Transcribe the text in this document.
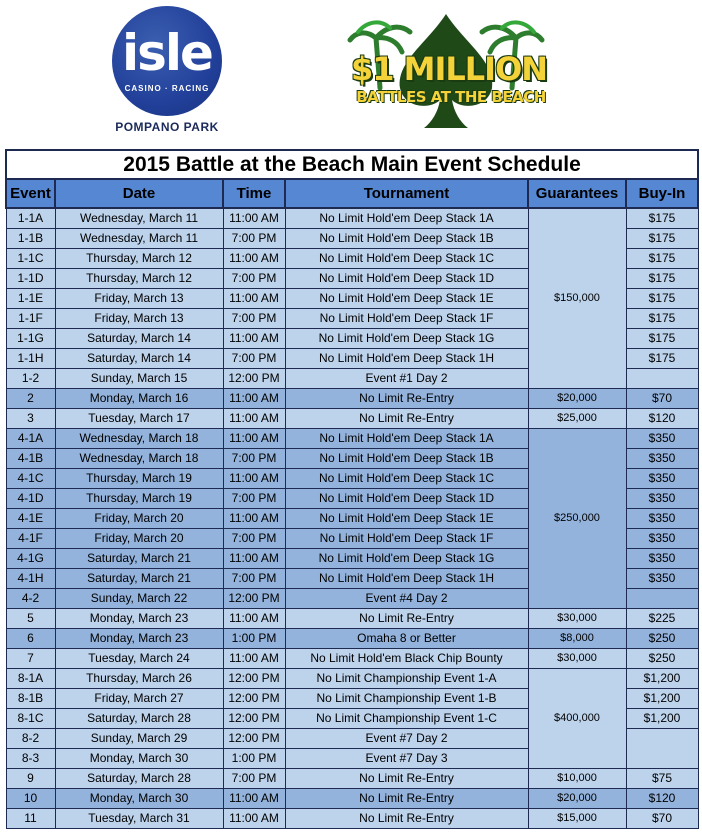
isle
CASINO · RACING
POMPANO PARK
$1 MILLION
BATTLES AT THE BEACH
2015 Battle at the Beach Main Event Schedule					
Event	Date	Time	Tournament	Guarantees	Buy-In
1-1A	Wednesday, March 11	11:00 AM	No Limit Hold'em Deep Stack 1A	$150,000	$175
1-1B	Wednesday, March 11	7:00 PM	No Limit Hold'em Deep Stack 1B		$175
1-1C	Thursday, March 12	11:00 AM	No Limit Hold'em Deep Stack 1C		$175
1-1D	Thursday, March 12	7:00 PM	No Limit Hold'em Deep Stack 1D		$175
1-1E	Friday, March 13	11:00 AM	No Limit Hold'em Deep Stack 1E		$175
1-1F	Friday, March 13	7:00 PM	No Limit Hold'em Deep Stack 1F		$175
1-1G	Saturday, March 14	11:00 AM	No Limit Hold'em Deep Stack 1G		$175
1-1H	Saturday, March 14	7:00 PM	No Limit Hold'em Deep Stack 1H		$175
1-2	Sunday, March 15	12:00 PM	Event #1 Day 2		
2	Monday, March 16	11:00 AM	No Limit Re-Entry	$20,000	$70
3	Tuesday, March 17	11:00 AM	No Limit Re-Entry	$25,000	$120
4-1A	Wednesday, March 18	11:00 AM	No Limit Hold'em Deep Stack 1A	$250,000	$350
4-1B	Wednesday, March 18	7:00 PM	No Limit Hold'em Deep Stack 1B		$350
4-1C	Thursday, March 19	11:00 AM	No Limit Hold'em Deep Stack 1C		$350
4-1D	Thursday, March 19	7:00 PM	No Limit Hold'em Deep Stack 1D		$350
4-1E	Friday, March 20	11:00 AM	No Limit Hold'em Deep Stack 1E		$350
4-1F	Friday, March 20	7:00 PM	No Limit Hold'em Deep Stack 1F		$350
4-1G	Saturday, March 21	11:00 AM	No Limit Hold'em Deep Stack 1G		$350
4-1H	Saturday, March 21	7:00 PM	No Limit Hold'em Deep Stack 1H		$350
4-2	Sunday, March 22	12:00 PM	Event #4 Day 2		
5	Monday, March 23	11:00 AM	No Limit Re-Entry	$30,000	$225
6	Monday, March 23	1:00 PM	Omaha 8 or Better	$8,000	$250
7	Tuesday, March 24	11:00 AM	No Limit Hold'em Black Chip Bounty	$30,000	$250
8-1A	Thursday, March 26	12:00 PM	No Limit Championship Event 1-A	$400,000	$1,200
8-1B	Friday, March 27	12:00 PM	No Limit Championship Event 1-B		$1,200
8-1C	Saturday, March 28	12:00 PM	No Limit Championship Event 1-C		$1,200
8-2	Sunday, March 29	12:00 PM	Event #7 Day 2		
8-3	Monday, March 30	1:00 PM	Event #7 Day 3		
9	Saturday, March 28	7:00 PM	No Limit Re-Entry	$10,000	$75
10	Monday, March 30	11:00 AM	No Limit Re-Entry	$20,000	$120
11	Tuesday, March 31	11:00 AM	No Limit Re-Entry	$15,000	$70
